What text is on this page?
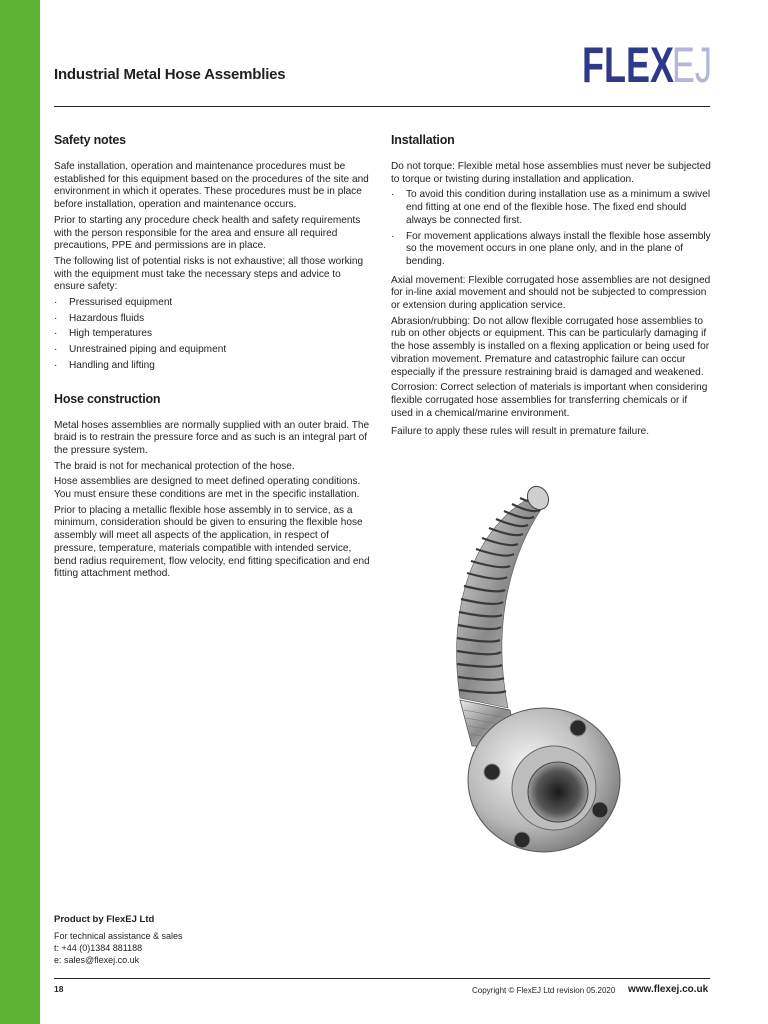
Industrial Metal Hose Assemblies	FLEX
EJ
Safety notes

Safe installation, operation and maintenance procedures must be established for this equipment based on the procedures of the site and environment in which it operates. These procedures must be in place before installation, operation and maintenance occurs.

Prior to starting any procedure check health and safety requirements with the person responsible for the area and ensure all required precautions, PPE and permissions are in place.

The following list of potential risks is not exhaustive; all those working with the equipment must take the necessary steps and advice to ensure safety:

· Pressurised equipment
· Hazardous fluids
· High temperatures
· Unrestrained piping and equipment
· Handling and lifting
Hose construction

Metal hoses assemblies are normally supplied with an outer braid. The braid is to restrain the pressure force and as such is an integral part of the pressure system.

The braid is not for mechanical protection of the hose.

Hose assemblies are designed to meet defined operating conditions. You must ensure these conditions are met in the specific installation.

Prior to placing a metallic flexible hose assembly in to service, as a minimum, consideration should be given to ensuring the flexible hose assembly will meet all aspects of the application, in respect of pressure, temperature, materials compatible with intended service, bend radius requirement, flow velocity, end fitting specification and end fitting attachment method.

Installation

Do not torque: Flexible metal hose assemblies must never be subjected to torque or twisting during installation and application.

· To avoid this condition during installation use as a minimum a swivel end fitting at one end of the flexible hose. The fixed end should always be connected first.
· For movement applications always install the flexible hose assembly so the movement occurs in one plane only, and in the plane of bending.

Axial movement: Flexible corrugated hose assemblies are not designed for in-line axial movement and should not be subjected to compression or extension during application service.

Abrasion/rubbing: Do not allow flexible corrugated hose assemblies to rub on other objects or equipment. This can be particularly damaging if the hose assembly is installed on a flexing application or being used for vibration movement. Premature and catastrophic failure can occur especially if the pressure restraining braid is damaged and weakened.

Corrosion: Correct selection of materials is important when considering flexible corrugated hose assemblies for transferring chemicals or if used in a chemical/marine environment.

Failure to apply these rules will result in premature failure.

Product by FlexEJ Ltd
For technical assistance & sales
t: +44 (0)1384 881188
e: sales@flexej.co.uk
18	Copyright © FlexEJ Ltd revision 05.2020 www.flexej.co.uk
